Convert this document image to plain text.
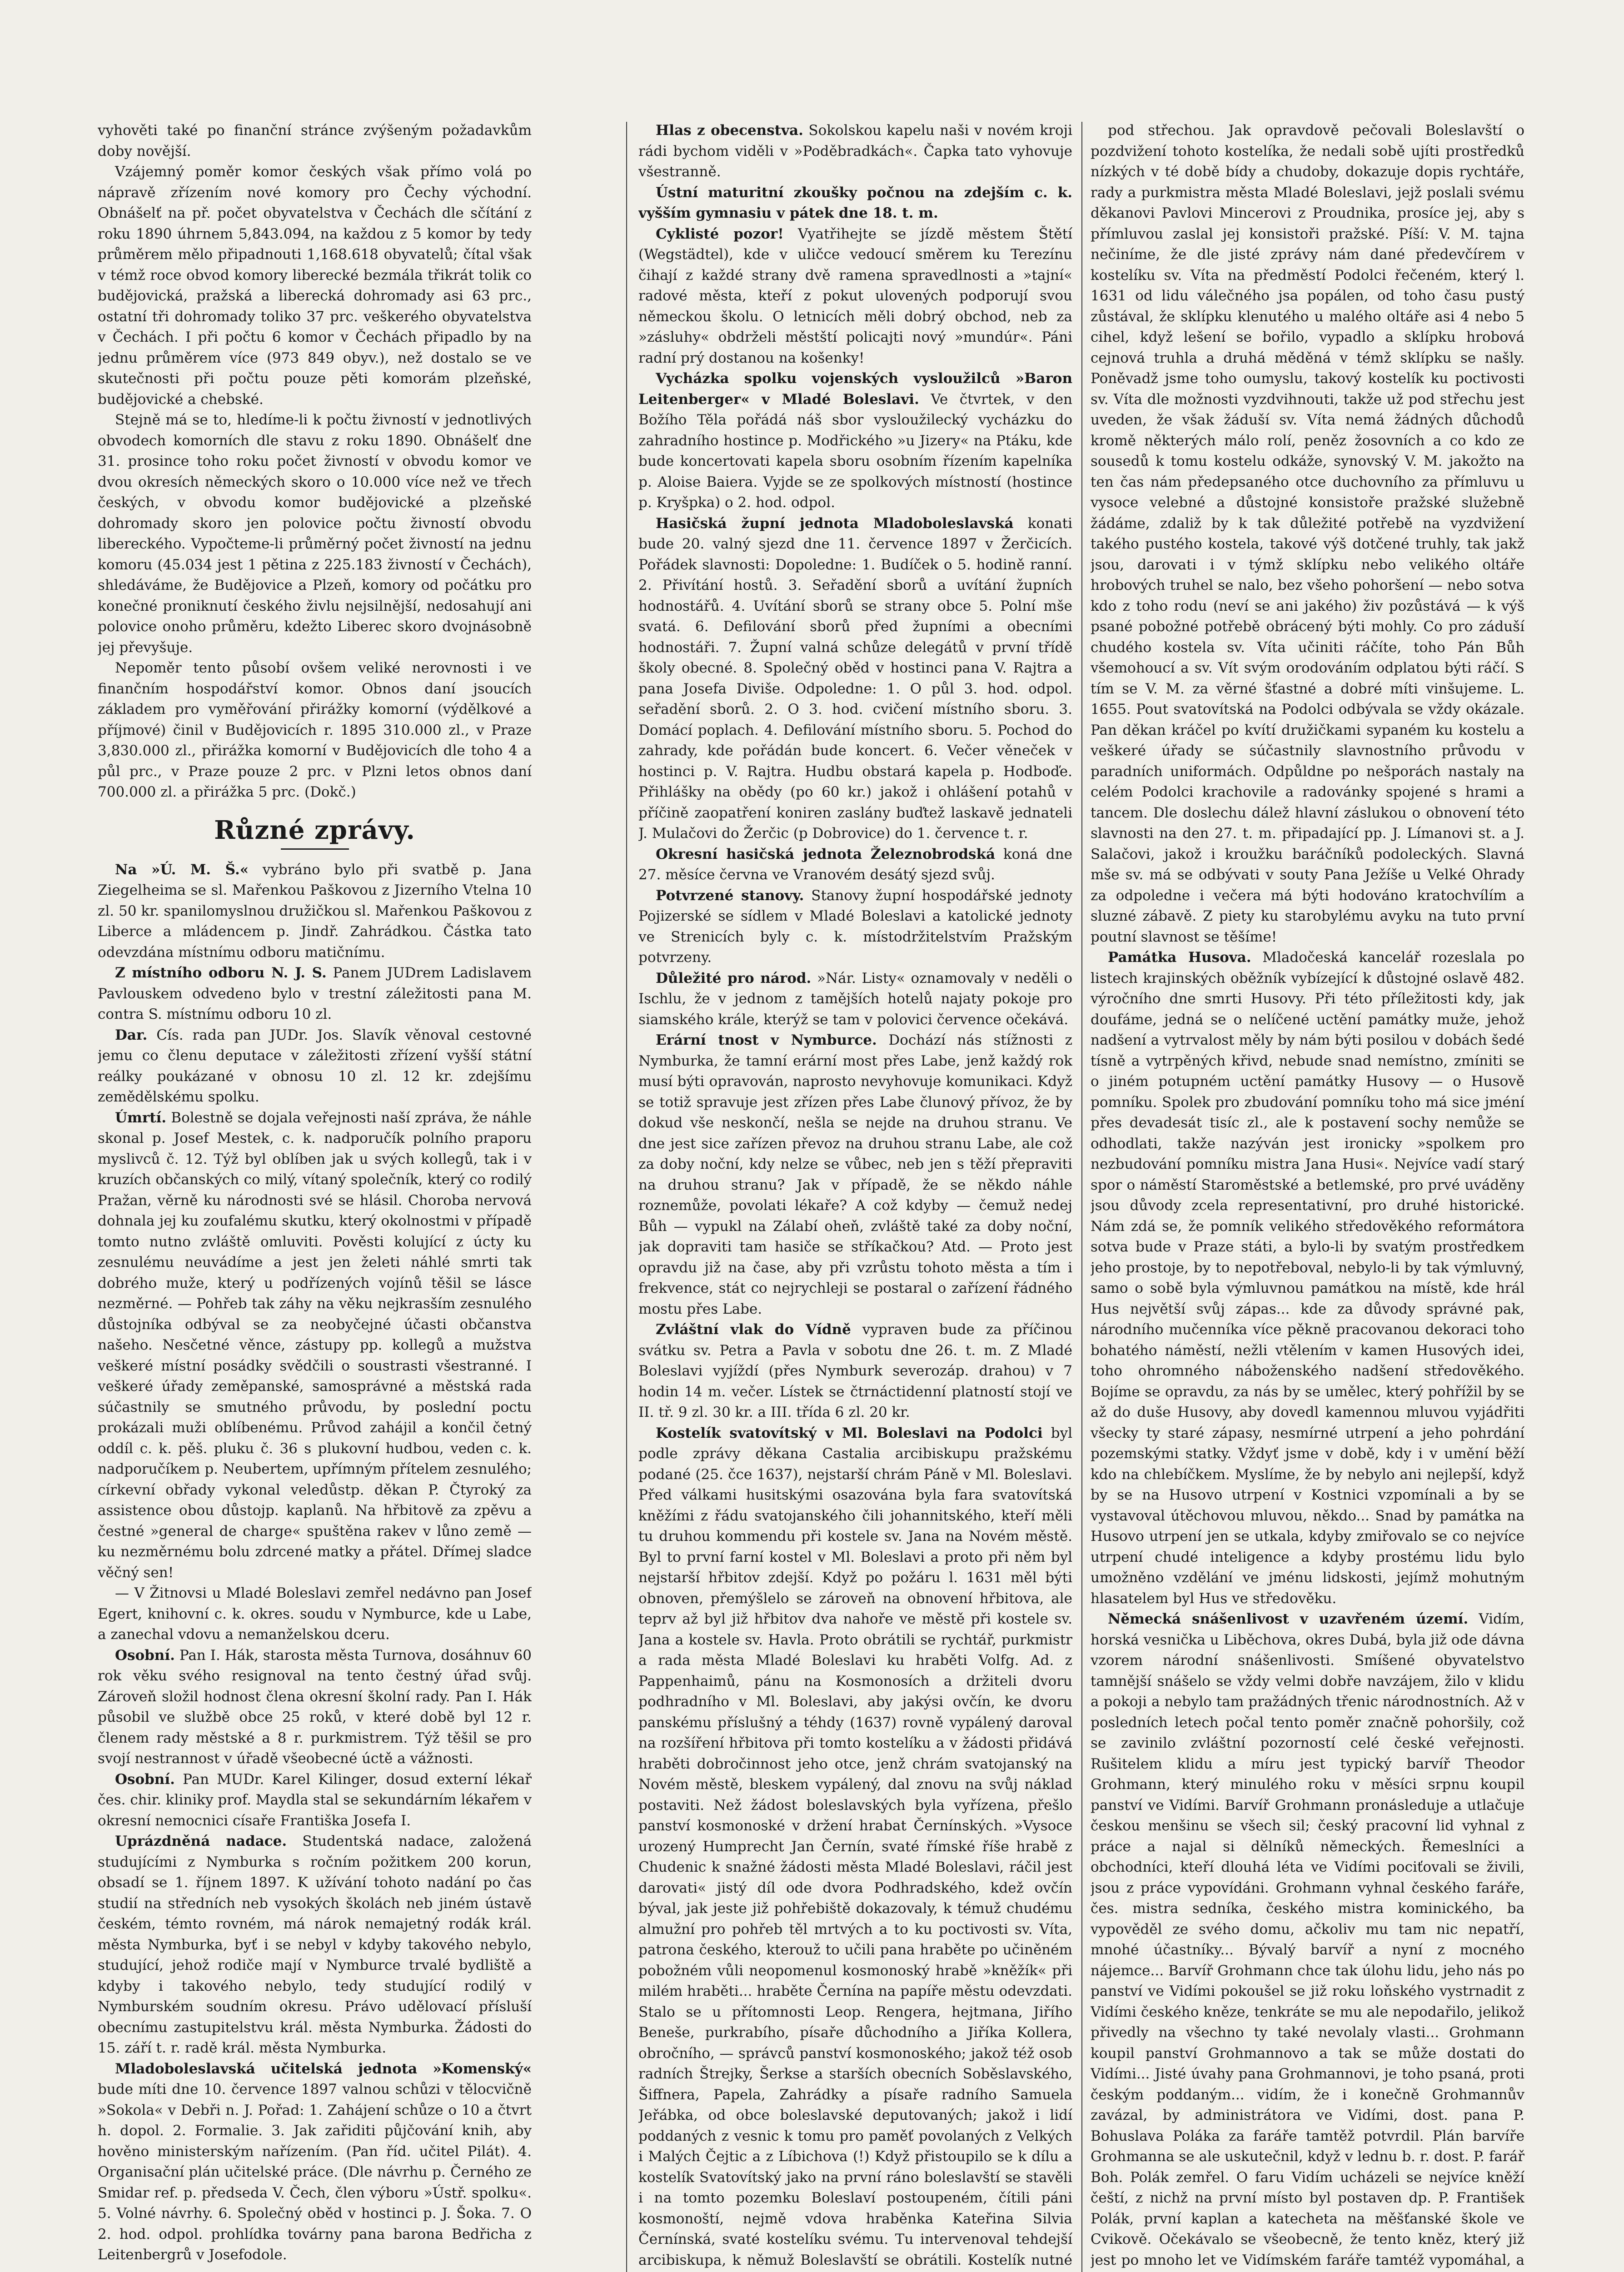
vyhověti také po finanční stránce zvýšeným požadavkům doby novější.

Vzájemný poměr komor českých však přímo volá po nápravě zřízením nové komory pro Čechy východní. Obnášelť na př. počet obyvatelstva v Čechách dle sčítání z roku 1890 úhrnem 5,843.094, na každou z 5 komor by tedy průměrem mělo připadnouti 1,168.618 obyvatelů; čítal však v témž roce obvod komory liberecké bezmála třikrát tolik co budějovická, pražská a liberecká dohromady asi 63 prc., ostatní tři dohromady toliko 37 prc. veškerého obyvatelstva v Čechách. I při počtu 6 komor v Čechách připadlo by na jednu průměrem více (973 849 obyv.), než dostalo se ve skutečnosti při počtu pouze pěti komorám plzeňské, budějovické a chebské.

Stejně má se to, hledíme-li k počtu živností v jednotlivých obvodech komorních dle stavu z roku 1890. Obnášelť dne 31. prosince toho roku počet živností v obvodu komor ve dvou okresích německých skoro o 10.000 více než ve třech českých, v obvodu komor budějovické a plzeňské dohromady skoro jen polovice počtu živností obvodu libereckého. Vypočteme-li průměrný počet živností na jednu komoru (45.034 jest 1 pětina z 225.183 živností v Čechách), shledáváme, že Budějovice a Plzeň, komory od počátku pro konečné proniknutí českého živlu nejsilnější, nedosahují ani polovice onoho průměru, kdežto Liberec skoro dvojnásobně jej převyšuje.

Nepoměr tento působí ovšem veliké nerovnosti i ve finančním hospodářství komor. Obnos daní jsoucích základem pro vyměřování přirážky komorní (výdělkové a příjmové) činil v Budějovicích r. 1895 310.000 zl., v Praze 3,830.000 zl., přirážka komorní v Budějovicích dle toho 4 a půl prc., v Praze pouze 2 prc. v Plzni letos obnos daní 700.000 zl. a přirážka 5 prc. (Dokč.)

Různé zprávy.

Na »Ú. M. Š.« vybráno bylo při svatbě p. Jana Ziegelheima se sl. Mařenkou Paškovou z Jizerního Vtelna 10 zl. 50 kr. spanilomyslnou družičkou sl. Mařenkou Paškovou z Liberce a mládencem p. Jindř. Zahrádkou. Částka tato odevzdána místnímu odboru matičnímu.

Z místního odboru N. J. S. Panem JUDrem Ladislavem Pavlouskem odvedeno bylo v trestní záležitosti pana M. contra S. místnímu odboru 10 zl.

Dar. Cís. rada pan JUDr. Jos. Slavík věnoval cestovné jemu co členu deputace v záležitosti zřízení vyšší státní reálky poukázané v obnosu 10 zl. 12 kr. zdejšímu zemědělskému spolku.

Úmrtí. Bolestně se dojala veřejnosti naší zpráva, že náhle skonal p. Josef Mestek, c. k. nadporučík polního praporu myslivců č. 12. Týž byl oblíben jak u svých kollegů, tak i v kruzích občanských co milý, vítaný společník, který co rodilý Pražan, věrně ku národnosti své se hlásil. Choroba nervová dohnala jej ku zoufalému skutku, který okolnostmi v případě tomto nutno zvláště omluviti. Pověsti kolující z úcty ku zesnulému neuvádíme a jest jen želeti náhlé smrti tak dobrého muže, který u podřízených vojínů těšil se lásce nezměrné. — Pohřeb tak záhy na věku nejkrasším zesnulého důstojníka odbýval se za neobyčejné účasti občanstva našeho. Nesčetné věnce, zástupy pp. kollegů a mužstva veškeré místní posádky svědčili o soustrasti všestranné. I veškeré úřady zeměpanské, samosprávné a městská rada súčastnily se smutného průvodu, by poslední poctu prokázali muži oblíbenému. Průvod zahájil a končil četný oddíl c. k. pěš. pluku č. 36 s plukovní hudbou, veden c. k. nadporučíkem p. Neubertem, upřímným přítelem zesnulého; církevní obřady vykonal veledůstp. děkan P. Čtyroký za assistence obou důstojp. kaplanů. Na hřbitově za zpěvu a čestné »general de charge« spuštěna rakev v lůno země — ku nezměrnému bolu zdrcené matky a přátel. Dřímej sladce věčný sen!

— V Žitnovsi u Mladé Boleslavi zemřel nedávno pan Josef Egert, knihovní c. k. okres. soudu v Nymburce, kde u Labe, a zanechal vdovu a nemanželskou dceru.

Osobní. Pan I. Hák, starosta města Turnova, dosáhnuv 60 rok věku svého resignoval na tento čestný úřad svůj. Zároveň složil hodnost člena okresní školní rady. Pan I. Hák působil ve službě obce 25 roků, v které době byl 12 r. členem rady městské a 8 r. purkmistrem. Týž těšil se pro svojí nestrannost v úřadě všeobecné úctě a vážnosti.

Osobní. Pan MUDr. Karel Kilinger, dosud externí lékař čes. chir. kliniky prof. Maydla stal se sekundárním lékařem v okresní nemocnici císaře Františka Josefa I.

Uprázdněná nadace. Studentská nadace, založená studujícími z Nymburka s ročním požitkem 200 korun, obsadí se 1. říjnem 1897. K užívání tohoto nadání po čas studií na středních neb vysokých školách neb jiném ústavě českém, témto rovném, má nárok nemajetný rodák král. města Nymburka, byť i se nebyl v kdyby takového nebylo, studující, jehož rodiče mají v Nymburce trvalé bydliště a kdyby i takového nebylo, tedy studující rodilý v Nymburském soudním okresu. Právo udělovací přísluší obecnímu zastupitelstvu král. města Nymburka. Žádosti do 15. září t. r. radě král. města Nymburka.

Mladoboleslavská učitelská jednota »Komenský« bude míti dne 10. července 1897 valnou schůzi v tělocvičně »Sokola« v Debři n. J. Pořad: 1. Zahájení schůze o 10 a čtvrt h. dopol. 2. Formalie. 3. Jak zařiditi půjčování knih, aby hověno ministerským nařízením. (Pan říd. učitel Pilát). 4. Organisační plán učitelské práce. (Dle návrhu p. Černého ze Smidar ref. p. předseda V. Čech, člen výboru »Ústř. spolku«. 5. Volné návrhy. 6. Společný oběd v hostinci p. J. Šoka. 7. O 2. hod. odpol. prohlídka továrny pana barona Bedřicha z Leitenbergrů v Josefodole.

Hlas z obecenstva. Sokolskou kapelu naši v novém kroji rádi bychom viděli v »Poděbradkách«. Čapka tato vyhovuje všestranně.

Ústní maturitní zkoušky počnou na zdejším c. k. vyšším gymnasiu v pátek dne 18. t. m.

Cyklisté pozor! Vyatřihejte se jízdě městem Štětí (Wegstädtel), kde v uličce vedoucí směrem ku Terezínu čihají z každé strany dvě ramena spravedlnosti a »tajní« radové města, kteří z pokut ulovených podporují svou německou školu. O letnicích měli dobrý obchod, neb za »zásluhy« obdrželi městští policajti nový »mundúr«. Páni radní prý dostanou na košenky!

Vycházka spolku vojenských vysloužilců »Baron Leitenberger« v Mladé Boleslavi. Ve čtvrtek, v den Božího Těla pořádá náš sbor vysloužilecký vycházku do zahradního hostince p. Modřického »u Jizery« na Ptáku, kde bude koncertovati kapela sboru osobním řízením kapelníka p. Aloise Baiera. Vyjde se ze spolkových místností (hostince p. Kryšpka) o 2. hod. odpol.

Hasičská župní jednota Mladoboleslavská konati bude 20. valný sjezd dne 11. července 1897 v Žerčicích. Pořádek slavnosti: Dopoledne: 1. Budíček o 5. hodině ranní. 2. Přivítání hostů. 3. Seřadění sborů a uvítání župních hodnostářů. 4. Uvítání sborů se strany obce 5. Polní mše svatá. 6. Defilování sborů před župními a obecními hodnostáři. 7. Župní valná schůze delegátů v první třídě školy obecné. 8. Společný oběd v hostinci pana V. Rajtra a pana Josefa Diviše. Odpoledne: 1. O půl 3. hod. odpol. seřadění sborů. 2. O 3. hod. cvičení místního sboru. 3. Domácí poplach. 4. Defilování místního sboru. 5. Pochod do zahrady, kde pořádán bude koncert. 6. Večer věneček v hostinci p. V. Rajtra. Hudbu obstará kapela p. Hodboďe. Přihlášky na obědy (po 60 kr.) jakož i ohlášení potahů v příčině zaopatření koniren zaslány buďtež laskavě jednateli J. Mulačovi do Žerčic (p Dobrovice) do 1. července t. r.

Okresní hasičská jednota Železnobrodská koná dne 27. měsíce června ve Vranovém desátý sjezd svůj.

Potvrzené stanovy. Stanovy župní hospodářské jednoty Pojizerské se sídlem v Mladé Boleslavi a katolické jednoty ve Strenicích byly c. k. místodržitelstvím Pražským potvrzeny.

Důležité pro národ. »Nár. Listy« oznamovaly v neděli o Ischlu, že v jednom z tamějších hotelů najaty pokoje pro siamského krále, kterýž se tam v polovici července očekává.

Erární tnost v Nymburce. Dochází nás stížnosti z Nymburka, že tamní erární most přes Labe, jenž každý rok musí býti opravován, naprosto nevyhovuje komunikaci. Když se totiž spravuje jest zřízen přes Labe člunový přívoz, že by dokud vše neskončí, nešla se nejde na druhou stranu. Ve dne jest sice zařízen převoz na druhou stranu Labe, ale což za doby noční, kdy nelze se vůbec, neb jen s těží přepraviti na druhou stranu? Jak v případě, že se někdo náhle roznemůže, povolati lékaře? A což kdyby — čemuž nedej Bůh — vypukl na Zálabí oheň, zvláště také za doby noční, jak dopraviti tam hasiče se stříkačkou? Atd. — Proto jest opravdu již na čase, aby při vzrůstu tohoto města a tím i frekvence, stát co nejrychleji se postaral o zařízení řádného mostu přes Labe.

Zvláštní vlak do Vídně vypraven bude za příčinou svátku sv. Petra a Pavla v sobotu dne 26. t. m. Z Mladé Boleslavi vyjíždí (přes Nymburk severozáp. drahou) v 7 hodin 14 m. večer. Lístek se čtrnáctidenní platností stojí ve II. tř. 9 zl. 30 kr. a III. třída 6 zl. 20 kr.

Kostelík svatovítský v Ml. Boleslavi na Podolci byl podle zprávy děkana Castalia arcibiskupu pražskému podané (25. čce 1637), nejstarší chrám Páně v Ml. Boleslavi. Před válkami husitskými osazována byla fara svatovítská kněžími z řádu svatojanského čili johannitského, kteří měli tu druhou kommendu při kostele sv. Jana na Novém městě. Byl to první farní kostel v Ml. Boleslavi a proto při něm byl nejstarší hřbitov zdejší. Když po požáru l. 1631 měl býti obnoven, přemýšlelo se zároveň na obnovení hřbitova, ale teprv až byl již hřbitov dva nahoře ve městě při kostele sv. Jana a kostele sv. Havla. Proto obrátili se rychtář, purkmistr a rada města Mladé Boleslavi ku hraběti Volfg. Ad. z Pappenhaimů, pánu na Kosmonosích a držiteli dvoru podhradního v Ml. Boleslavi, aby jakýsi ovčín, ke dvoru panskému příslušný a téhdy (1637) rovně vypálený daroval na rozšíření hřbitova při tomto kostelíku a v žádosti přidává hraběti dobročinnost jeho otce, jenž chrám svatojanský na Novém městě, bleskem vypálený, dal znovu na svůj náklad postaviti. Než žádost boleslavských byla vyřízena, přešlo panství kosmonoské v držení hrabat Černínských. »Vysoce urozený Humprecht Jan Černín, svaté římské říše hrabě z Chudenic k snažné žádosti města Mladé Boleslavi, ráčil jest darovati« jistý díl ode dvora Podhradského, kdež ovčín býval, jak jeste již pohřebiště dokazovaly, k témuž chudému almužní pro pohřeb těl mrtvých a to ku poctivosti sv. Víta, patrona českého, kterouž to učili pana hraběte po učiněném pobožném vůli neopomenul kosmonoský hrabě »kněžík« při milém hraběti... hraběte Černína na papíře městu odevzdati. Stalo se u přítomnosti Leop. Rengera, hejtmana, Jiřího Beneše, purkrabího, písaře důchodního a Jiříka Kollera, obročního, — správců panství kosmonoského; jakož též osob radních Štrejky, Šerkse a starších obecních Soběslavského, Šiffnera, Papela, Zahrádky a písaře radního Samuela Jeřábka, od obce boleslavské deputovaných; jakož i lidí poddaných z vesnic k tomu pro paměť povolaných z Velkých i Malých Čejtic a z Líbichova (!) Když přistoupilo se k dílu a kostelík Svatovítský jako na první ráno boleslavští se stavěli i na tomto pozemku Boleslaví postoupeném, čítili páni kosmonoští, nejmě vdova hraběnka Kateřina Silvia Černínská, svaté kostelíku svému. Tu intervenoval tehdejší arcibiskupa, k němuž Boleslavští se obrátili. Kostelík nutné

pod střechou. Jak opravdově pečovali Boleslavští o pozdvižení tohoto kostelíka, že nedali sobě ujíti prostředků nízkých v té době bídy a chudoby, dokazuje dopis rychtáře, rady a purkmistra města Mladé Boleslavi, jejž poslali svému děkanovi Pavlovi Mincerovi z Proudnika, prosíce jej, aby s přímluvou zaslal jej konsistoři pražské. Píší: V. M. tajna nečiníme, že dle jisté zprávy nám dané předevčírem v kostelíku sv. Víta na předměstí Podolci řečeném, který l. 1631 od lidu válečného jsa popálen, od toho času pustý zůstával, že sklípku klenutého u malého oltáře asi 4 nebo 5 cihel, když lešení se bořilo, vypadlo a sklípku hrobová cejnová truhla a druhá měděná v témž sklípku se našly. Poněvadž jsme toho oumyslu, takový kostelík ku poctivosti sv. Víta dle možnosti vyzdvihnouti, takže už pod střechu jest uveden, že však žáduší sv. Víta nemá žádných důchodů kromě některých málo rolí, peněz žosovních a co kdo ze sousedů k tomu kostelu odkáže, synovský V. M. jakožto na ten čas nám předepsaného otce duchovního za přímluvu u vysoce velebné a důstojné konsistoře pražské služebně žádáme, zdaliž by k tak důležité potřebě na vyzdvižení takého pustého kostela, takové výš dotčené truhly, tak jakž jsou, darovati i v týmž sklípku nebo velikého oltáře hrobových truhel se nalo, bez všeho pohoršení — nebo sotva kdo z toho rodu (neví se ani jakého) živ pozůstává — k výš psané pobožné potřebě obrácený býti mohly. Co pro záduší chudého kostela sv. Víta učiniti ráčíte, toho Pán Bůh všemohoucí a sv. Vít svým orodováním odplatou býti ráčí. S tím se V. M. za věrné šťastné a dobré míti vinšujeme. L. 1655. Pout svatovítská na Podolci odbývala se vždy okázale. Pan děkan kráčel po kvítí družičkami sypaném ku kostelu a veškeré úřady se súčastnily slavnostního průvodu v paradních uniformách. Odpůldne po nešporách nastaly na celém Podolci krachovile a radovánky spojené s hrami a tancem. Dle doslechu dálež hlavní záslukou o obnovení této slavnosti na den 27. t. m. připadající pp. J. Límanovi st. a J. Salačovi, jakož i kroužku baráčníků podoleckých. Slavná mše sv. má se odbývati v souty Pana Ježíše u Velké Ohrady za odpoledne i večera má býti hodováno kratochvílím a sluzné zábavě. Z piety ku starobylému avyku na tuto první poutní slavnost se těšíme!

Památka Husova. Mladočeská kancelář rozeslala po listech krajinských oběžník vybízející k důstojné oslavě 482. výročního dne smrti Husovy. Při této příležitosti kdy, jak doufáme, jedná se o nelíčené uctění památky muže, jehož nadšení a vytrvalost měly by nám býti posilou v dobách šedé tísně a vytrpěných křivd, nebude snad nemístno, zmíniti se o jiném potupném uctění památky Husovy — o Husově pomníku. Spolek pro zbudování pomníku toho má sice jméní přes devadesát tisíc zl., ale k postavení sochy nemůže se odhodlati, takže nazýván jest ironicky »spolkem pro nezbudování pomníku mistra Jana Husi«. Nejvíce vadí starý spor o náměstí Staroměstské a betlemské, pro prvé uváděny jsou důvody zcela representativní, pro druhé historické. Nám zdá se, že pomník velikého středověkého reformátora sotva bude v Praze státi, a bylo-li by svatým prostředkem jeho prostoje, by to nepotřeboval, nebylo-li by tak výmluvný, samo o sobě byla výmluvnou památkou na místě, kde hrál Hus největší svůj zápas... kde za důvody správné pak, národního mučenníka více pěkně pracovanou dekoraci toho bohatého náměstí, nežli vtělením v kamen Husových idei, toho ohromného náboženského nadšení středověkého. Bojíme se opravdu, za nás by se umělec, který pohřížil by se až do duše Husovy, aby dovedl kamennou mluvou vyjádřiti všecky ty staré zápasy, nesmírné utrpení a jeho pohrdání pozemskými statky. Vždyť jsme v době, kdy i v umění běží kdo na chlebíčkem. Myslíme, že by nebylo ani nejlepší, když by se na Husovo utrpení v Kostnici vzpomínali a by se vystavoval útěchovou mluvou, někdo... Snad by památka na Husovo utrpení jen se utkala, kdyby zmiřovalo se co nejvíce utrpení chudé inteligence a kdyby prostému lidu bylo umožněno vzdělání ve jménu lidskosti, jejímž mohutným hlasatelem byl Hus ve středověku.

Německá snášenlivost v uzavřeném území. Vidím, horská vesnička u Liběchova, okres Dubá, byla již ode dávna vzorem národní snášenlivosti. Smíšené obyvatelstvo tamnější snášelo se vždy velmi dobře navzájem, žilo v klidu a pokoji a nebylo tam pražádných třenic národnostních. Až v posledních letech počal tento poměr značně pohoršily, což se zavinilo zvláštní pozorností celé české veřejnosti. Rušitelem klidu a míru jest typický barvíř Theodor Grohmann, který minulého roku v měsíci srpnu koupil panství ve Vidími. Barvíř Grohmann pronásleduje a utlačuje českou menšinu se všech sil; český pracovní lid vyhnal z práce a najal si dělníků německých. Řemeslníci a obchodníci, kteří dlouhá léta ve Vidími pociťovali se živili, jsou z práce vypovídáni. Grohmann vyhnal českého faráře, čes. mistra sedníka, českého mistra kominického, ba vypověděl ze svého domu, ačkoliv mu tam nic nepatří, mnohé účastníky... Bývalý barvíř a nyní z mocného nájemce... Barvíř Grohmann chce tak úlohu lidu, jeho nás po panství ve Vidími pokoušel se již roku loňského vystrnadit z Vidími českého kněze, tenkráte se mu ale nepodařilo, jelikož přivedly na všechno ty také nevolaly vlasti... Grohmann koupil panství Grohmannovo a tak se může dostati do Vidími... Jisté úvahy pana Grohmannovi, je toho psaná, proti českým poddaným... vidím, že i konečně Grohmannův zavázal, by administrátora ve Vidími, dost. pana P. Bohuslava Poláka za faráře tamtěž potvrdil. Plán barvíře Grohmanna se ale uskutečnil, když v lednu b. r. dost. P. farář Boh. Polák zemřel. O faru Vidím ucházeli se nejvíce kněží čeští, z nichž na první místo byl postaven dp. P. František Polák, první kaplan a katecheta na měšťanské škole ve Cvikově. Očekávalo se všeobecně, že tento kněz, který již jest po mnoho let ve Vidímském faráře tamtéž vypomáhal, a
